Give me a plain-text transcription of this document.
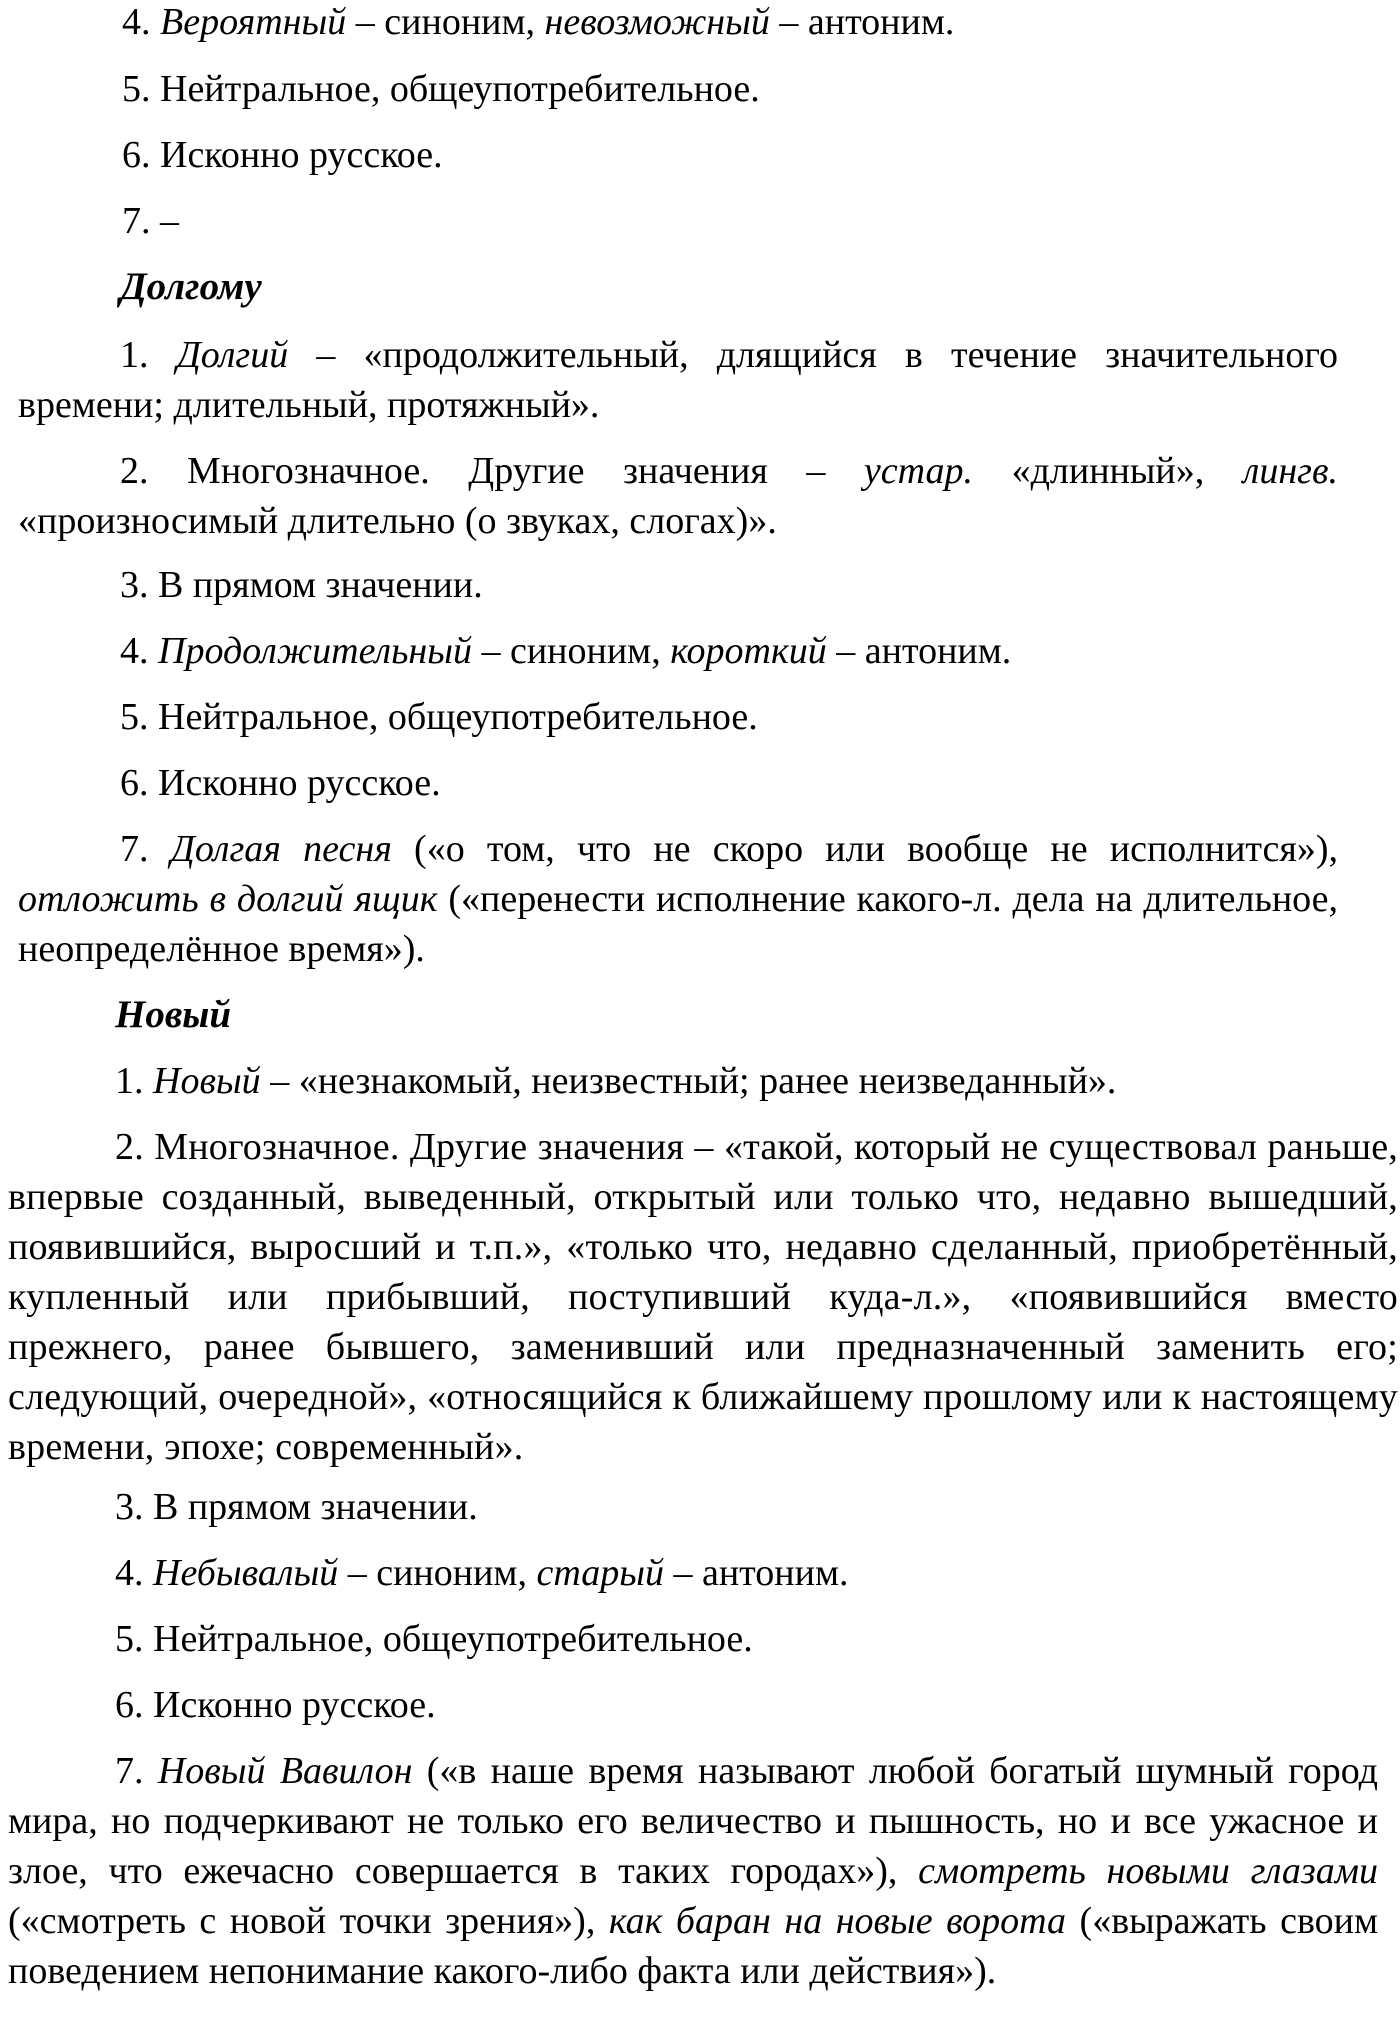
4. Вероятный – синоним, невозможный – антоним.

5. Нейтральное, общеупотребительное.

6. Исконно русское.

7. –

Долгому

1. Долгий – «продолжительный, длящийся в течение значительного времени; длительный, протяжный».

2. Многозначное. Другие значения – устар. «длинный», лингв. «произносимый длительно (о звуках, слогах)».

3. В прямом значении.

4. Продолжительный – синоним, короткий – антоним.

5. Нейтральное, общеупотребительное.

6. Исконно русское.

7. Долгая песня («о том, что не скоро или вообще не исполнится»), отложить в долгий ящик («перенести исполнение какого-л. дела на длительное, неопределённое время»).

Новый

1. Новый – «незнакомый, неизвестный; ранее неизведанный».

2. Многозначное. Другие значения – «такой, который не существовал раньше, впервые созданный, выведенный, открытый или только что, недавно вышедший, появившийся, выросший и т.п.», «только что, недавно сделанный, приобретённый, купленный или прибывший, поступивший куда-л.», «появившийся вместо прежнего, ранее бывшего, заменивший или предназначенный заменить его; следующий, очередной», «относящийся к ближайшему прошлому или к настоящему времени, эпохе; современный».

3. В прямом значении.

4. Небывалый – синоним, старый – антоним.

5. Нейтральное, общеупотребительное.

6. Исконно русское.

7. Новый Вавилон («в наше время называют любой богатый шумный город мира, но подчеркивают не только его величество и пышность, но и все ужасное и злое, что ежечасно совершается в таких городах»), смотреть новыми глазами («смотреть с новой точки зрения»), как баран на новые ворота («выражать своим поведением непонимание какого-либо факта или действия»).
